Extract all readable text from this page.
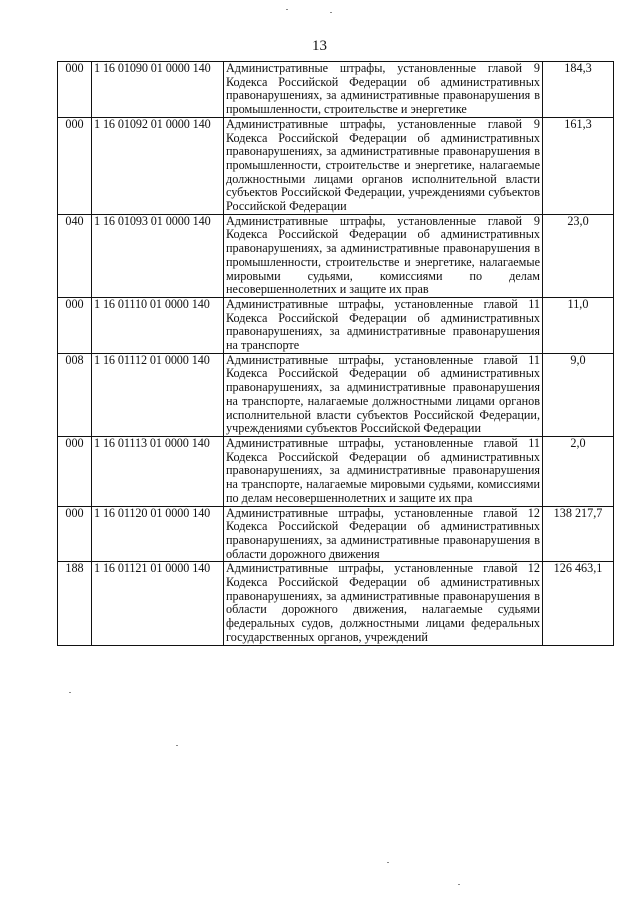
13
000	1 16 01090 01 0000 140	Административные штрафы, установленные главой 9 Кодекса Российской Федерации об административных правонарушениях, за административные правонарушения в промышленности, строительстве и энергетике	184,3
000	1 16 01092 01 0000 140	Административные штрафы, установленные главой 9 Кодекса Российской Федерации об административных правонарушениях, за административные правонарушения в промышленности, строительстве и энергетике, налагаемые должностными лицами органов исполнительной власти субъектов Российской Федерации, учреждениями субъектов Российской Федерации	161,3
040	1 16 01093 01 0000 140	Административные штрафы, установленные главой 9 Кодекса Российской Федерации об административных правонарушениях, за административные правонарушения в промышленности, строительстве и энергетике, налагаемые мировыми судьями, комиссиями по делам несовершеннолетних и защите их прав	23,0
000	1 16 01110 01 0000 140	Административные штрафы, установленные главой 11 Кодекса Российской Федерации об административных правонарушениях, за административные правонарушения на транспорте	11,0
008	1 16 01112 01 0000 140	Административные штрафы, установленные главой 11 Кодекса Российской Федерации об административных правонарушениях, за административные правонарушения на транспорте, налагаемые должностными лицами органов исполнительной власти субъектов Российской Федерации, учреждениями субъектов Российской Федерации	9,0
000	1 16 01113 01 0000 140	Административные штрафы, установленные главой 11 Кодекса Российской Федерации об административных правонарушениях, за административные правонарушения на транспорте, налагаемые мировыми судьями, комиссиями по делам несовершеннолетних и защите их пра	2,0
000	1 16 01120 01 0000 140	Административные штрафы, установленные главой 12 Кодекса Российской Федерации об административных правонарушениях, за административные правонарушения в области дорожного движения	138 217,7
188	1 16 01121 01 0000 140	Административные штрафы, установленные главой 12 Кодекса Российской Федерации об административных правонарушениях, за административные правонарушения в области дорожного движения, налагаемые судьями федеральных судов, должностными лицами федеральных государственных органов, учреждений	126 463,1
